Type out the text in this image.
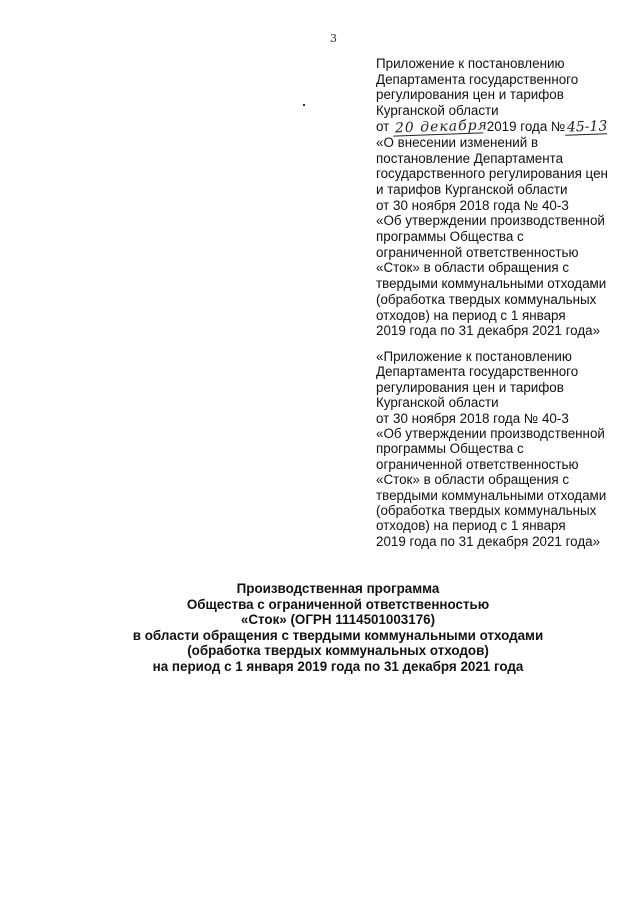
3
Приложение к постановлению
Департамента государственного
регулирования цен и тарифов
Курганской области
от 20 декабря 2019 года № 45-13
«О внесении изменений в
постановление Департамента
государственного регулирования цен
и тарифов Курганской области
от 30 ноября 2018 года № 40-3
«Об утверждении производственной
программы Общества с
ограниченной ответственностью
«Сток» в области обращения с
твердыми коммунальными отходами
(обработка твердых коммунальных
отходов) на период с 1 января
2019 года по 31 декабря 2021 года»
«Приложение к постановлению
Департамента государственного
регулирования цен и тарифов
Курганской области
от 30 ноября 2018 года № 40-3
«Об утверждении производственной
программы Общества с
ограниченной ответственностью
«Сток» в области обращения с
твердыми коммунальными отходами
(обработка твердых коммунальных
отходов) на период с 1 января
2019 года по 31 декабря 2021 года»
Производственная программа
Общества с ограниченной ответственностью
«Сток» (ОГРН 1114501003176)
в области обращения с твердыми коммунальными отходами
(обработка твердых коммунальных отходов)
на период с 1 января 2019 года по 31 декабря 2021 года
